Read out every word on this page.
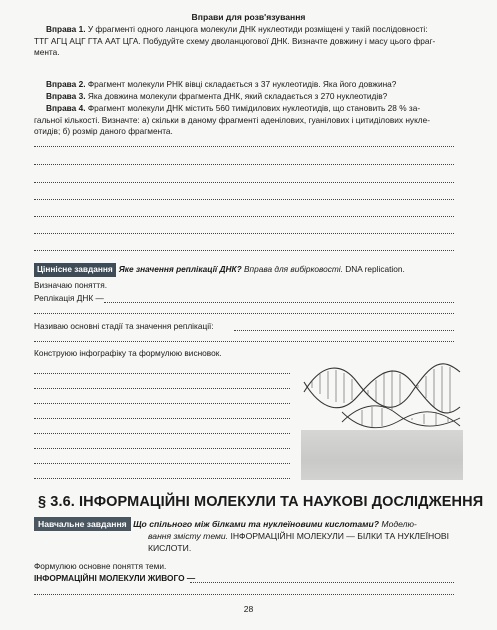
Вправи для розв'язування
Вправа 1. У фрагменті одного ланцюга молекули ДНК нуклеотиди розміщені у такій послідовності:
ТТГ АГЦ АЦГ ГТА ААТ ЦГА. Побудуйте схему дволанцюгової ДНК. Визначте довжину і масу цього фраг-
мента.
Вправа 2. Фрагмент молекули РНК вівці складається з 37 нуклеотидів. Яка його довжина?
Вправа 3. Яка довжина молекули фрагмента ДНК, який складається з 270 нуклеотидів?
Вправа 4. Фрагмент молекули ДНК містить 560 тимідилових нуклеотидів, що становить 28 % за-
гальної кількості. Визначте: а) скільки в даному фрагменті аденілових, гуанілових і цитиділових нукле-
отидів; б) розмір даного фрагмента.
Ціннісне завдання Яке значення реплікації ДНК? Вправа для вибірковості. DNA replication.
Визначаю поняття.
Реплікація ДНК —
Називаю основні стадії та значення реплікації:
Конструюю інфографіку та формулюю висновок.
§ 3.6. ІНФОРМАЦІЙНІ МОЛЕКУЛИ ТА НАУКОВІ ДОСЛІДЖЕННЯ
Навчальне завдання Що спільного між білками та нуклеїновими кислотами? Моделю-
вання змісту теми. ІНФОРМАЦІЙНІ МОЛЕКУЛИ — БІЛКИ ТА НУКЛЕЇНОВІ
КИСЛОТИ.
Формулюю основне поняття теми.
ІНФОРМАЦІЙНІ МОЛЕКУЛИ ЖИВОГО —
28
